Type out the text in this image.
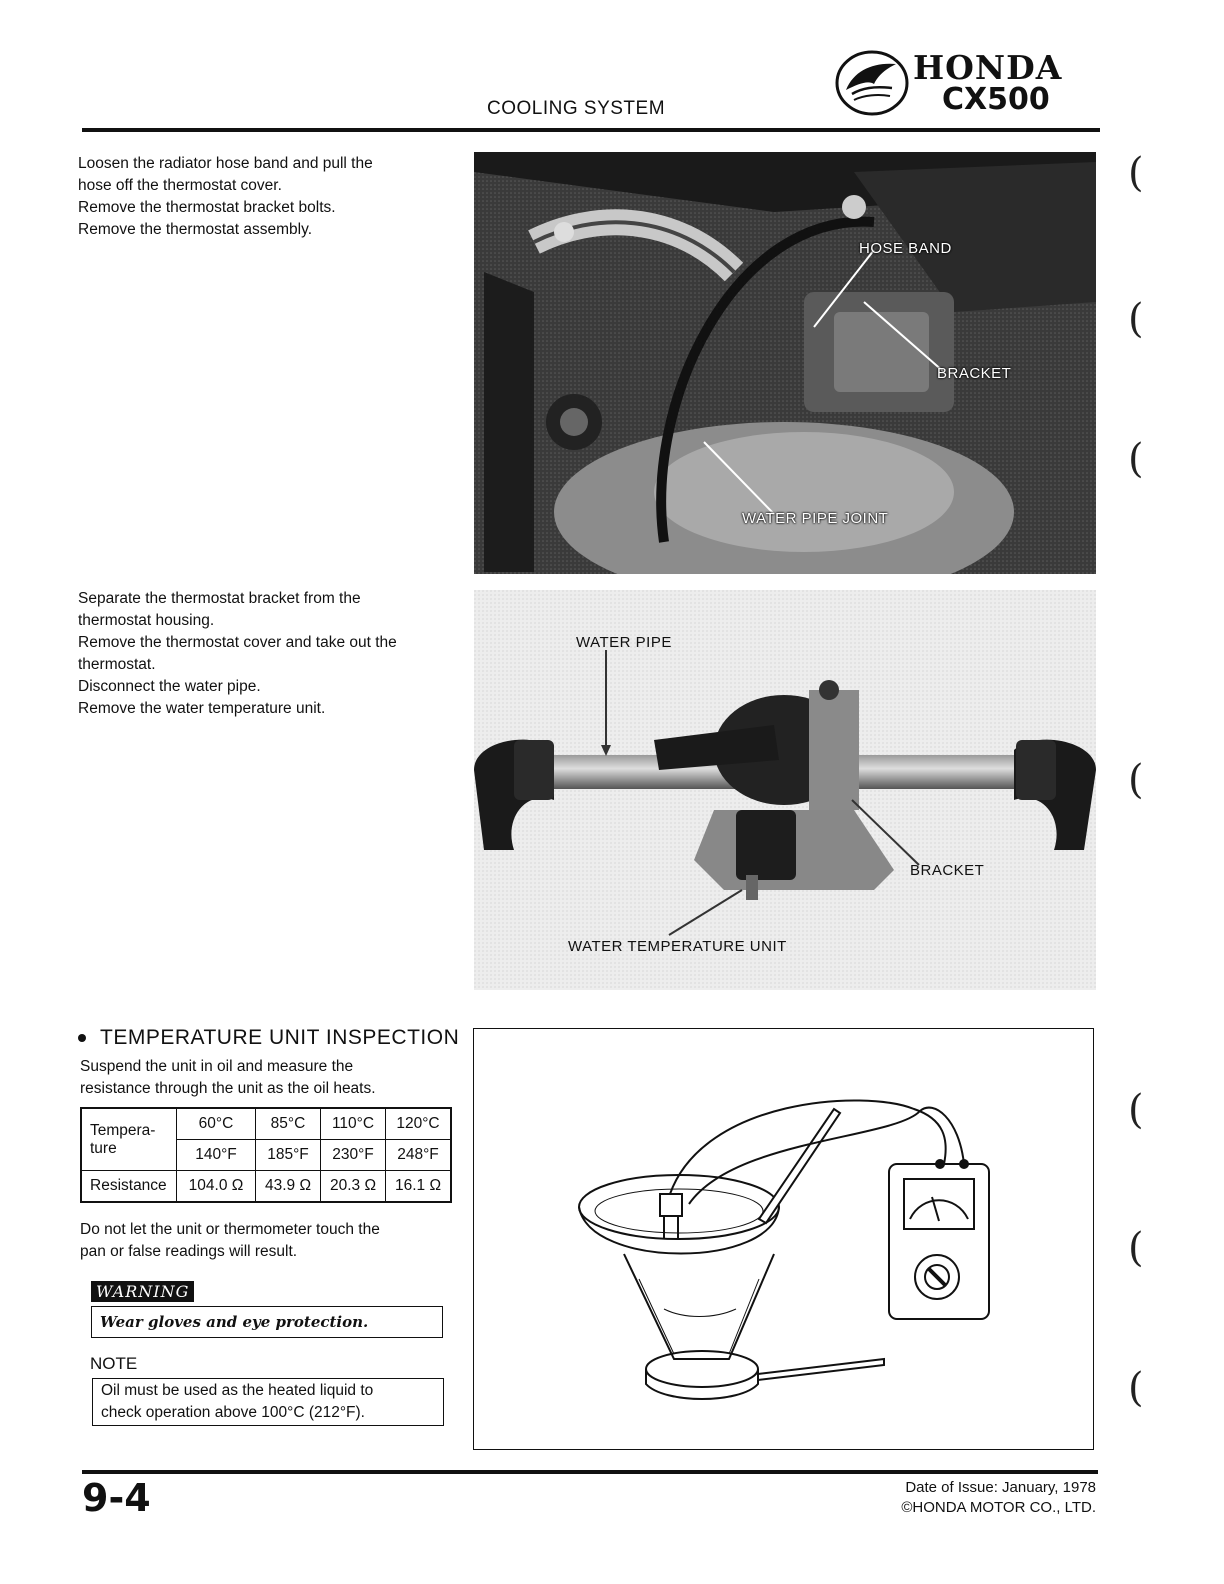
COOLING SYSTEM
HONDA
CX500
Loosen the radiator hose band and pull the
hose off the thermostat cover.
Remove the thermostat bracket bolts.
Remove the thermostat assembly.
HOSE BAND
BRACKET
WATER PIPE JOINT
Separate the thermostat bracket from the
thermostat housing.
Remove the thermostat cover and take out the
thermostat.
Disconnect the water pipe.
Remove the water temperature unit.
WATER PIPE
BRACKET
WATER TEMPERATURE UNIT
TEMPERATURE UNIT INSPECTION
Suspend the unit in oil and measure the
resistance through the unit as the oil heats.
Tempera-ture	60°C	85°C	110°C	120°C
	140°F	185°F	230°F	248°F
Resistance	104.0 Ω	43.9 Ω	20.3 Ω	16.1 Ω
Do not let the unit or thermometer touch the
pan or false readings will result.
WARNING
Wear gloves and eye protection.
NOTE
Oil must be used as the heated liquid to
check operation above 100°C (212°F).
(
(
(
(
(
(
(
9-4	Date of Issue: January, 1978
©HONDA MOTOR CO., LTD.
